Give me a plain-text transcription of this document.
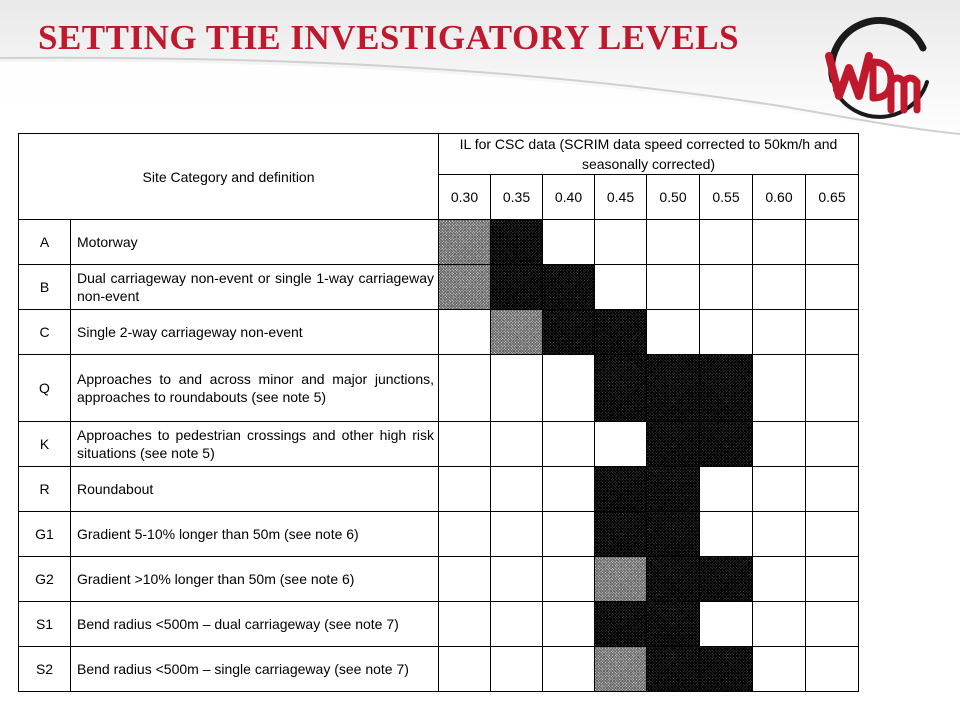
SETTING THE INVESTIGATORY LEVELS
Site Category and definition		IL for CSC data (SCRIM data speed corrected to 50km/h and seasonally corrected)							
		0.30	0.35	0.40	0.45	0.50	0.55	0.60	0.65
A	Motorway								
B	Dual carriageway non-event or single 1-way carriageway non-event								
C	Single 2-way carriageway non-event								
Q	Approaches to and across minor and major junctions, approaches to roundabouts (see note 5)								
K	Approaches to pedestrian crossings and other high risk situations (see note 5)								
R	Roundabout								
G1	Gradient 5-10% longer than 50m (see note 6)								
G2	Gradient >10% longer than 50m (see note 6)								
S1	Bend radius <500m – dual carriageway (see note 7)								
S2	Bend radius <500m – single carriageway (see note 7)								
